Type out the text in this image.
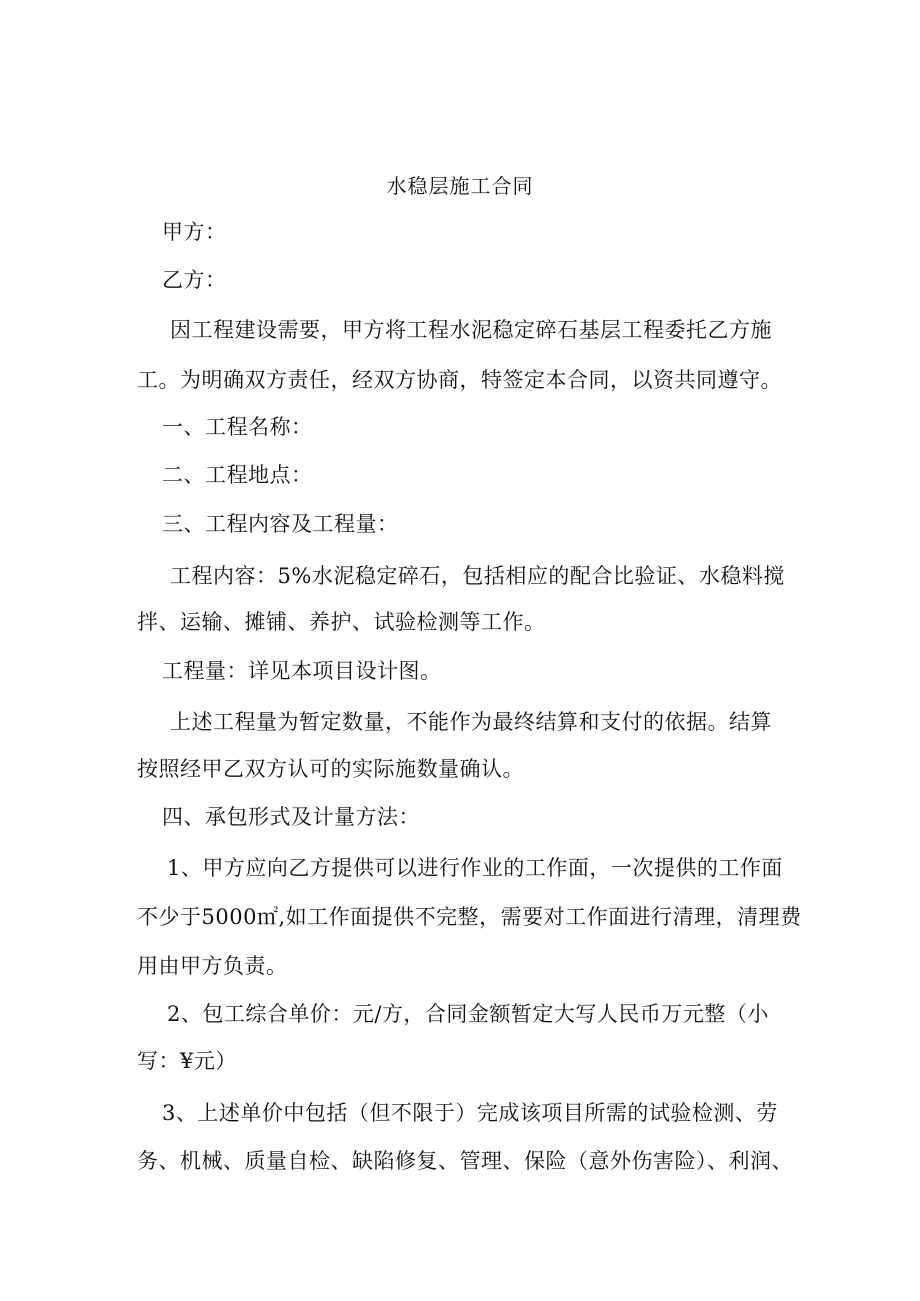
水稳层施工合同
甲方：
乙方：
因工程建设需要，甲方将工程水泥稳定碎石基层工程委托乙方施
工。为明确双方责任，经双方协商，特签定本合同，以资共同遵守。
一、工程名称：
二、工程地点：
三、工程内容及工程量：
工程内容：5%水泥稳定碎石，包括相应的配合比验证、水稳料搅
拌、运输、摊铺、养护、试验检测等工作。
工程量：详见本项目设计图。
上述工程量为暂定数量，不能作为最终结算和支付的依据。结算
按照经甲乙双方认可的实际施数量确认。
四、承包形式及计量方法：
1、甲方应向乙方提供可以进行作业的工作面，一次提供的工作面
不少于5000㎡,如工作面提供不完整，需要对工作面进行清理，清理费
用由甲方负责。
2、包工综合单价：元/方，合同金额暂定大写人民币万元整（小
写：¥元）
3、上述单价中包括（但不限于）完成该项目所需的试验检测、劳
务、机械、质量自检、缺陷修复、管理、保险（意外伤害险）、利润、
